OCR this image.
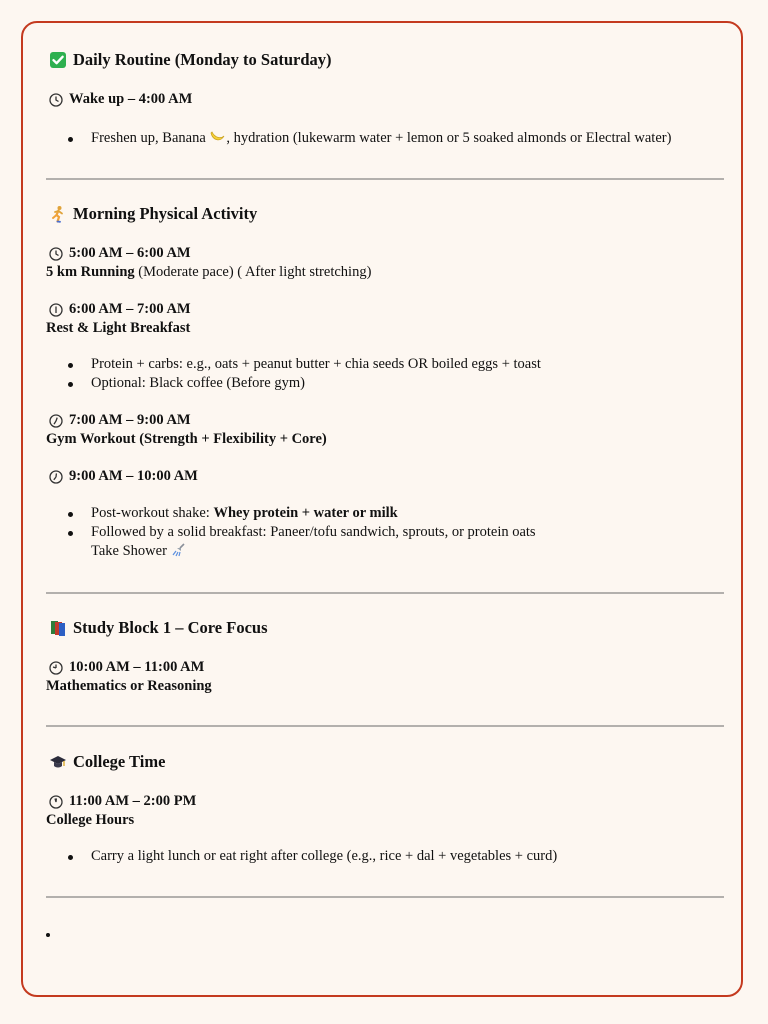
Daily Routine (Monday to Saturday)
Wake up – 4:00 AM
Freshen up, Banana , hydration (lukewarm water + lemon or 5 soaked almonds or Electral water)
Morning Physical Activity
5:00 AM – 6:00 AM
5 km Running (Moderate pace) ( After light stretching)
6:00 AM – 7:00 AM
Rest & Light Breakfast
Protein + carbs: e.g., oats + peanut butter + chia seeds OR boiled eggs + toast
Optional: Black coffee (Before gym)
7:00 AM – 9:00 AM
Gym Workout (Strength + Flexibility + Core)
9:00 AM – 10:00 AM
Post-workout shake: Whey protein + water or milk
Followed by a solid breakfast: Paneer/tofu sandwich, sprouts, or protein oats
Take Shower
Study Block 1 – Core Focus
10:00 AM – 11:00 AM
Mathematics or Reasoning
College Time
11:00 AM – 2:00 PM
College Hours
Carry a light lunch or eat right after college (e.g., rice + dal + vegetables + curd)
